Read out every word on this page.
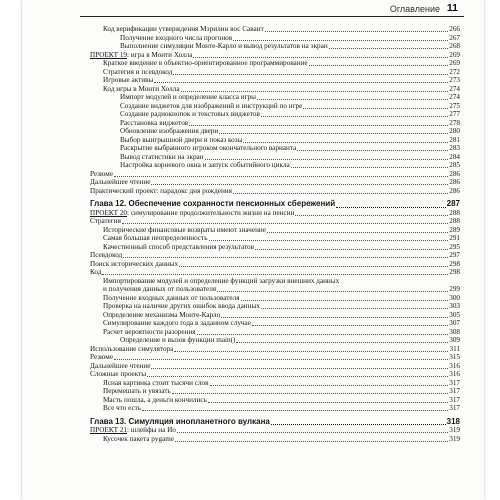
Оглавление 11
Код верификации утверждения Мэрилин вос Савант	266
Получение входного числа прогонов	267
Выполнение симуляции Монте-Карло и вывод результатов на экран	268
ПРОЕКТ 19: игра в Монти Холла	269
Краткое введение в объектно-ориентированное программирование	269
Стратегия и псевдокод	272
Игровые активы	273
Код игры в Монти Холла	274
Импорт модулей и определение класса игры	274
Создание виджетов для изображений и инструкций по игре	275
Создание радиокнопок и текстовых виджетов	277
Расстановка виджетов	278
Обновление изображения двери	280
Выбор выигрышной двери и показ козы	281
Раскрытие выбранного игроком окончательного варианта	283
Вывод статистики на экран	284
Настройка корневого окна и запуск событийного цикла	285
Резюме	286
Дальнейшее чтение	286
Практический проект: парадокс дня рождения	286
Глава 12. Обеспечение сохранности пенсионных сбережений	287
ПРОЕКТ 20: симулирование продолжительности жизни на пенсии	288
Стратегия	288
Исторические финансовые возвраты имеют значение	289
Самая большая неопределенность	291
Качественный способ представления результатов	295
Псевдокод	297
Поиск исторических данных	298
Код	298
Импортирование модулей и определение функций загрузки внешних данных
и получения данных от пользователя	299
Получение входных данных от пользователя	300
Проверка на наличие других ошибок ввода данных	303
Определение механизма Монте-Карло	305
Симулирование каждого года в заданном случае	307
Расчет вероятности разорения	308
Определение и вызов функции main()	309
Использование симулятора	311
Резюме	315
Дальнейшее чтение	316
Сложные проекты	316
Ясная картинка стоит тысячи слов	317
Перемешать и увязать	317
Масть пошла, а деньги кончились	317
Все что есть	317
Глава 13. Симуляция инопланетного вулкана	318
ПРОЕКТ 21: шлейфы на Ио	319
Кусочек пакета pygame	319
